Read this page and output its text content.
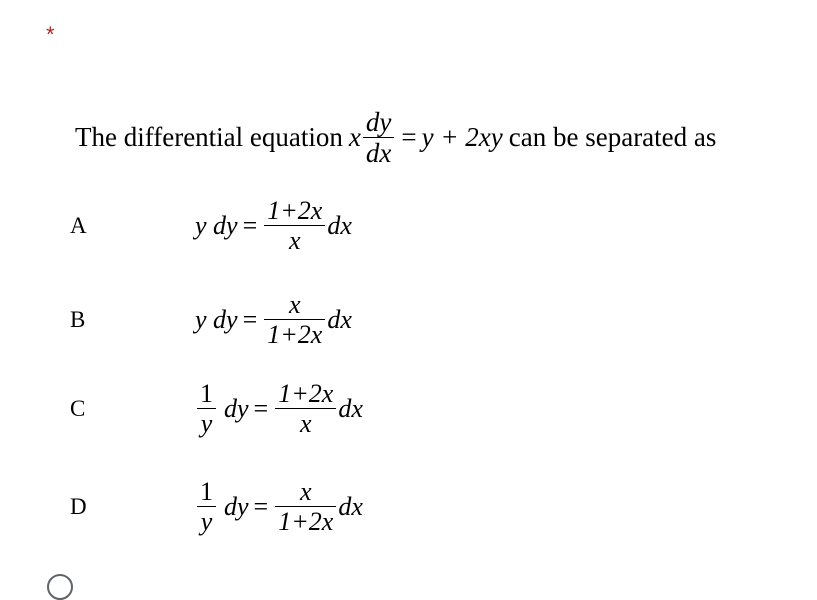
*
The differential equation x $\frac{dy}{dx} = y + 2xy$ can be separated as
A	y dy = $\frac{1+2x}{x}$ dx
B	y dy = $\frac{x}{1+2x}$ dx
C	$\frac{1}{y}$ dy = $\frac{1+2x}{x}$ dx
D	$\frac{1}{y}$ dy = $\frac{x}{1+2x}$ dx
